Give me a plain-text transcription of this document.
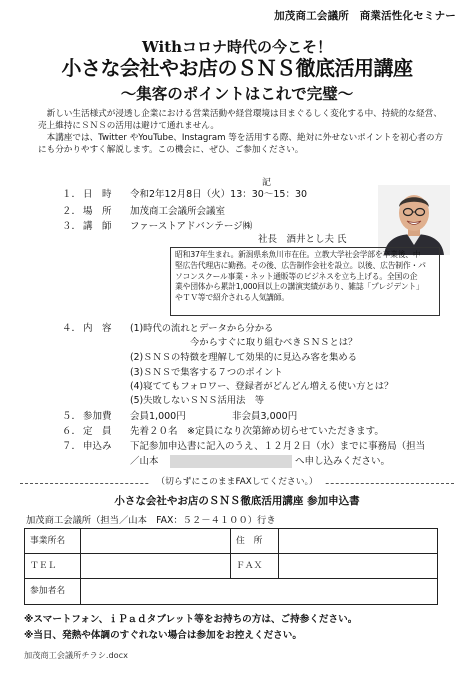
加茂商工会議所　商業活性化セミナー
Withコロナ時代の今こそ！
小さな会社やお店のＳＮＳ徹底活用講座
～集客のポイントはこれで完璧～

新しい生活様式が浸透し企業における営業活動や経営環境は目まぐるしく変化する中、持続的な経営、売上維持にＳＮＳの活用は避けて通れません。

本講座では、Twitter やYouTube、Instagram 等を活用する際、絶対に外せないポイントを初心者の方にも分かりやすく解説します。この機会に、ぜひ、ご参加ください。

記
１． 日　時 令和2年12月8日（火）13：30～15：30
２． 場　所 加茂商工会議所会議室
３． 講　師 ファーストアドバンテージ㈱
社長　酒井とし夫 氏
昭和37年生まれ。新潟県糸魚川市在住。立教大学社会学部を卒業後、中
堅広告代理店に勤務。その後、広告制作会社を設立。以後、広告制作・パ
ソコンスクール事業・ネット通販等のビジネスを立ち上げる。全国の企
業や団体から累計1,000回以上の講演実績があり、雑誌「プレジデント」
やＴＶ等で紹介される人気講師。
４． 内　容 (1)時代の流れとデータから分かる
今からすぐに取り組むべきＳＮＳとは？
(2)ＳＮＳの特徴を理解して効果的に見込み客を集める
(3)ＳＮＳで集客する７つのポイント
(4)寝ててもフォロワー、登録者がどんどん増える使い方とは？
(5)失敗しないＳＮＳ活用法　等
５． 参加費 会員1,000円	非会員3,000円
６． 定　員 先着２０名　※定員になり次第締め切らせていただきます。
７． 申込み 下記参加申込書に記入のうえ、１２月２日（水）までに事務局（担当
／山本	へ申し込みください。
（切らずにこのままFAXしてください。）
小さな会社やお店のＳＮＳ徹底活用講座 参加申込書
加茂商工会議所（担当／山本　FAX：５２－４１００）行き
事業所名		住　所	
ＴＥＬ		ＦＡＸ	
参加者名			
※スマートフォン、ｉＰａｄタブレット等をお持ちの方は、ご持参ください。
※当日、発熱や体調のすぐれない場合は参加をお控えください。
加茂商工会議所チラシ.docx
